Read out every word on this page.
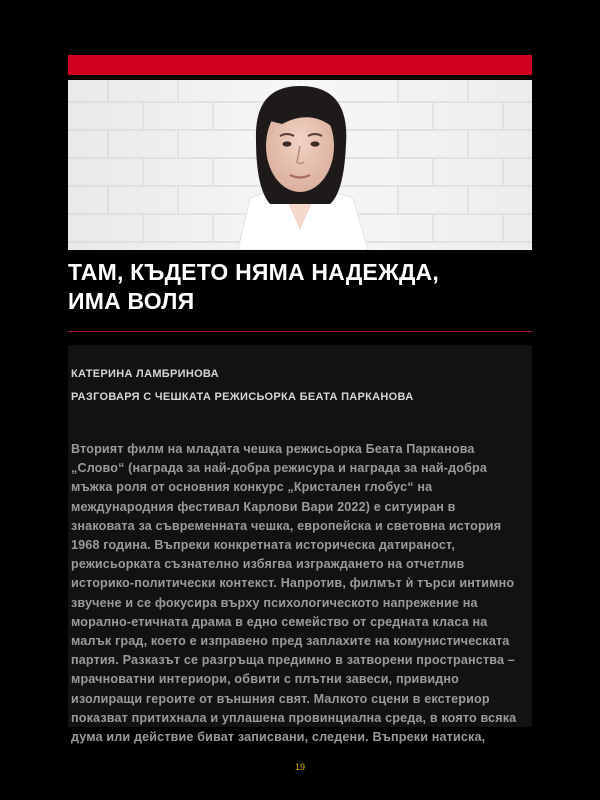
ТАМ, КЪДЕТО НЯМА НАДЕЖДА,
ИМА ВОЛЯ
КАТЕРИНА ЛАМБРИНОВА
РАЗГОВАРЯ С ЧЕШКАТА РЕЖИСЬОРКА БЕАТА ПАРКАНОВА
Вторият филм на младата чешка режисьорка Беата Парканова
„Слово“ (награда за най-добра режисура и награда за най-добра
мъжка роля от основния конкурс „Кристален глобус“ на
международния фестивал Карлови Вари 2022) е ситуиран в
знаковата за съвременната чешка, европейска и световна история
1968 година. Въпреки конкретната историческа датираност,
режисьорката съзнателно избягва изграждането на отчетлив
историко-политически контекст. Напротив, филмът ѝ търси интимно
звучене и се фокусира върху психологическото напрежение на
морално-етичната драма в едно семейство от средната класа на
малък град, което е изправено пред заплахите на комунистическата
партия. Разказът се разгръща предимно в затворени пространства –
мрачноватни интериори, обвити с плътни завеси, привидно
изолиращи героите от външния свят. Малкото сцени в екстериор
показват притихнала и уплашена провинциална среда, в която всяка
дума или действие биват записвани, следени. Въпреки натиска,
19
